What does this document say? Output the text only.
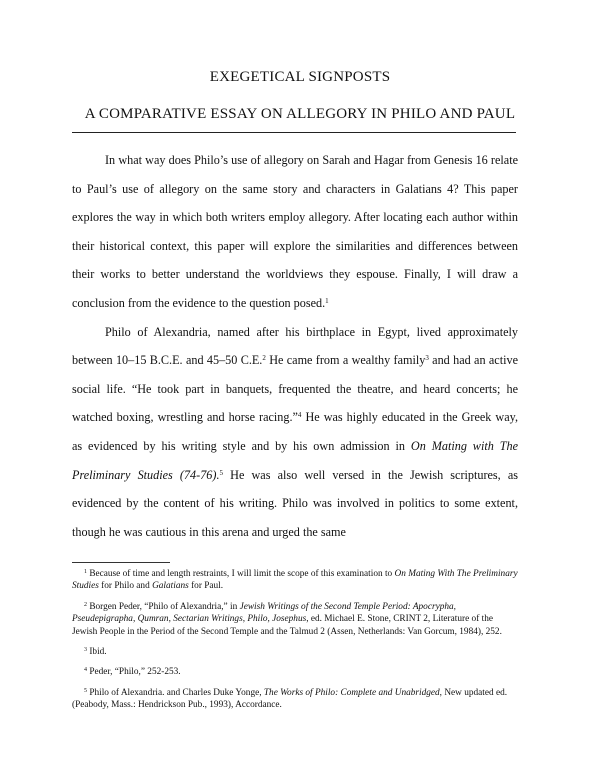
EXEGETICAL SIGNPOSTS
A COMPARATIVE ESSAY ON ALLEGORY IN PHILO AND PAUL

In what way does Philo’s use of allegory on Sarah and Hagar from Genesis 16 relate to Paul’s use of allegory on the same story and characters in Galatians 4? This paper explores the way in which both writers employ allegory. After locating each author within their historical context, this paper will explore the similarities and differences between their works to better understand the worldviews they espouse. Finally, I will draw a conclusion from the evidence to the question posed.$^1$

Philo of Alexandria, named after his birthplace in Egypt, lived approximately between 10–15 B.C.E. and 45–50 C.E.$^2$ He came from a wealthy family$^3$ and had an active social life. “He took part in banquets, frequented the theatre, and heard concerts; he watched boxing, wrestling and horse racing.”$^4$ He was highly educated in the Greek way, as evidenced by his writing style and by his own admission in On Mating with The Preliminary Studies (74-76).$^5$ He was also well versed in the Jewish scriptures, as evidenced by the content of his writing. Philo was involved in politics to some extent, though he was cautious in this arena and urged the same

$^1$ Because of time and length restraints, I will limit the scope of this examination to On Mating With The Preliminary Studies for Philo and Galatians for Paul.

$^2$ Borgen Peder, “Philo of Alexandria,” in Jewish Writings of the Second Temple Period: Apocrypha, Pseudepigrapha, Qumran, Sectarian Writings, Philo, Josephus, ed. Michael E. Stone, CRINT 2, Literature of the Jewish People in the Period of the Second Temple and the Talmud 2 (Assen, Netherlands: Van Gorcum, 1984), 252.

$^3$ Ibid.

$^4$ Peder, “Philo,” 252-253.

$^5$ Philo of Alexandria. and Charles Duke Yonge, The Works of Philo: Complete and Unabridged, New updated ed. (Peabody, Mass.: Hendrickson Pub., 1993), Accordance.
